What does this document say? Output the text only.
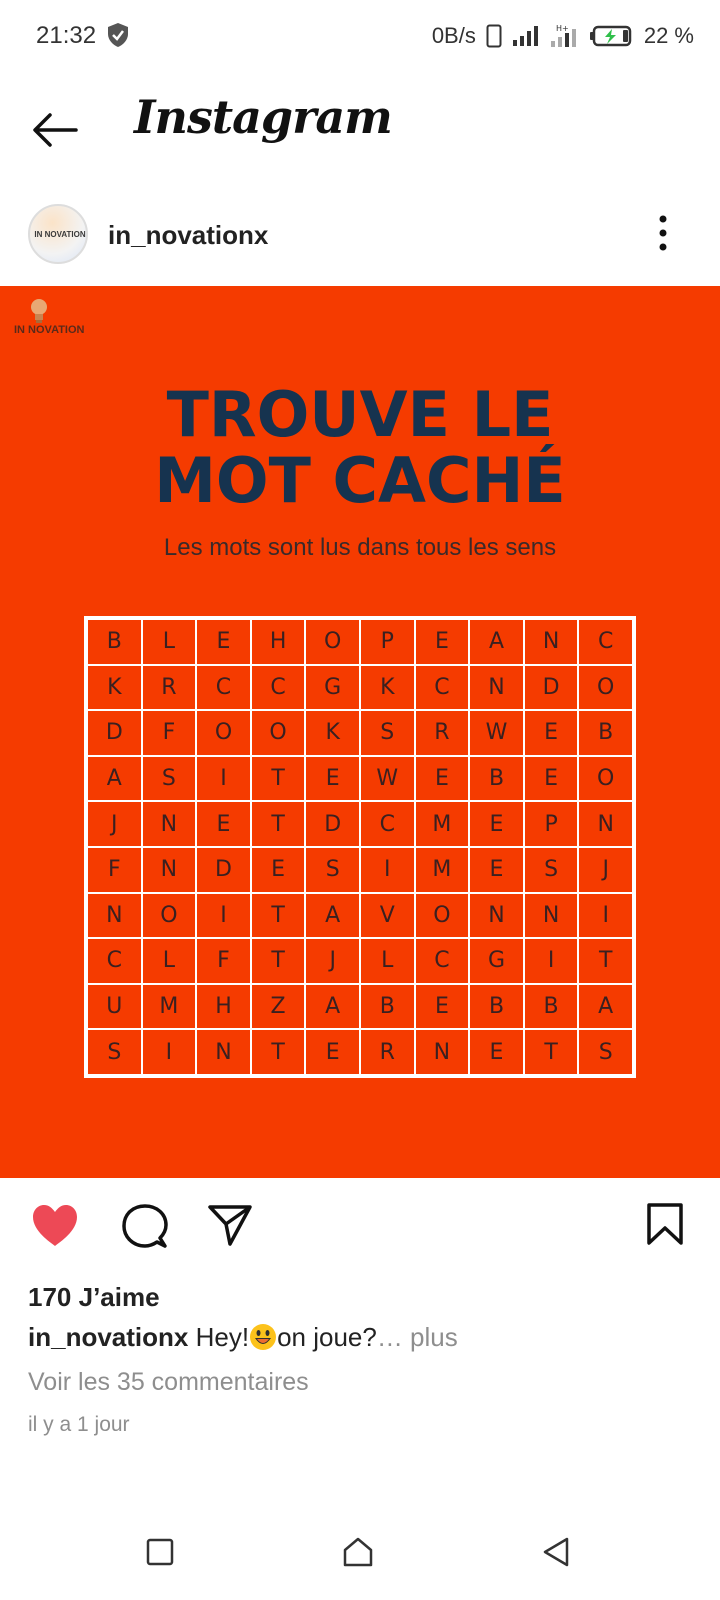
21:32	0B/s	H+	22 %
Instagram
IN NOVATION in_novationx
IN NOVATION
TROUVE LE
MOT CACHÉ
Les mots sont lus dans tous les sens
B	L	E	H	O	P	E	A	N	C
K	R	C	C	G	K	C	N	D	O
D	F	O	O	K	S	R	W	E	B
A	S	I	T	E	W	E	B	E	O
J	N	E	T	D	C	M	E	P	N
F	N	D	E	S	I	M	E	S	J
N	O	I	T	A	V	O	N	N	I
C	L	F	T	J	L	C	G	I	T
U	M	H	Z	A	B	E	B	B	A
S	I	N	T	E	R	N	E	T	S
170 J’aime
in_novationx Hey! on joue?… plus
Voir les 35 commentaires
il y a 1 jour
